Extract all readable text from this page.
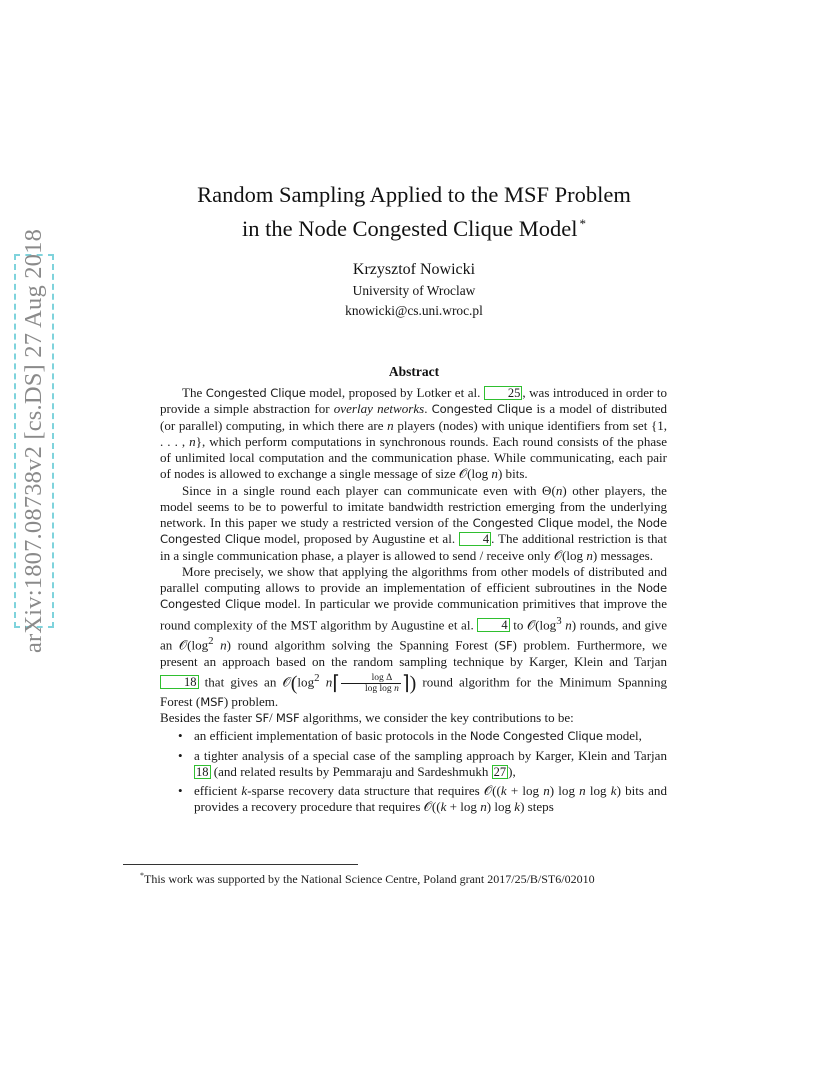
arXiv:1807.08738v2 [cs.DS] 27 Aug 2018
Random Sampling Applied to the MSF Problem
in the Node Congested Clique Model *
Krzysztof Nowicki
University of Wroclaw
knowicki@cs.uni.wroc.pl
Abstract

The Congested Clique model, proposed by Lotker et al. 25 , was introduced in order to provide a simple abstraction for overlay networks. Congested Clique is a model of distributed (or parallel) computing, in which there are n players (nodes) with unique identifiers from set {1, . . . , n}, which perform computations in synchronous rounds. Each round consists of the phase of unlimited local computation and the communication phase. While communicating, each pair of nodes is allowed to exchange a single message of size 𝒪(log n) bits.

Since in a single round each player can communicate even with Θ(n) other players, the model seems to be to powerful to imitate bandwidth restriction emerging from the underlying network. In this paper we study a restricted version of the Congested Clique model, the Node Congested Clique model, proposed by Augustine et al. 4 . The additional restriction is that in a single communication phase, a player is allowed to send / receive only 𝒪(log n) messages.

More precisely, we show that applying the algorithms from other models of distributed and parallel computing allows to provide an implementation of efficient subroutines in the Node Congested Clique model. In particular we provide communication primitives that improve the round complexity of the MST algorithm by Augustine et al. 4 to $𝒪(\log^3$ n) rounds, and give an $𝒪(\log^2$ n) round algorithm solving the Spanning Forest (SF) problem. Furthermore, we present an approach based on the random sampling technique by Karger, Klein and Tarjan 18 that gives an $𝒪(\log^2$ n⌈ $\frac{\text{log Δ}}{\text{log log n}}$ ⌉) round algorithm for the Minimum Spanning Forest (MSF) problem.

Besides the faster SF/ MSF algorithms, we consider the key contributions to be:

• an efficient implementation of basic protocols in the Node Congested Clique model,
• a tighter analysis of a special case of the sampling approach by Karger, Klein and Tarjan 18 (and related results by Pemmaraju and Sardeshmukh 27 ),
• efficient k-sparse recovery data structure that requires 𝒪((k + log n) log n log k) bits and provides a recovery procedure that requires 𝒪((k + log n) log k) steps
*This work was supported by the National Science Centre, Poland grant 2017/25/B/ST6/02010
